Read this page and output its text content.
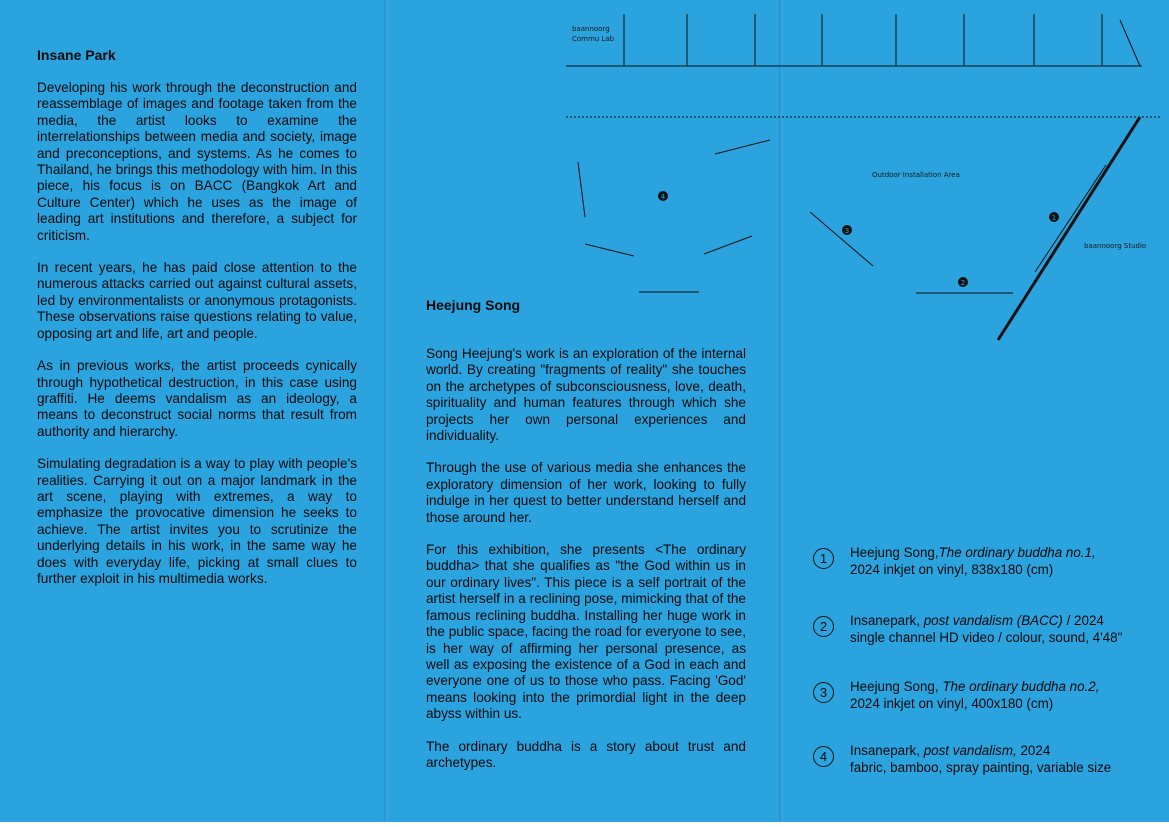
Insane Park

Developing his work through the deconstruction and reassemblage of images and footage taken from the media, the artist looks to examine the interrelationships between media and society, image and preconceptions, and systems. As he comes to Thailand, he brings this methodology with him. In this piece, his focus is on BACC (Bangkok Art and Culture Center) which he uses as the image of leading art institutions and therefore, a subject for criticism.

In recent years, he has paid close attention to the numerous attacks carried out against cultural assets, led by environmentalists or anonymous protagonists. These observations raise questions relating to value, opposing art and life, art and people.

As in previous works, the artist proceeds cynically through hypothetical destruction, in this case using graffiti. He deems vandalism as an ideology, a means to deconstruct social norms that result from authority and hierarchy.

Simulating degradation is a way to play with people's realities. Carrying it out on a major landmark in the art scene, playing with extremes, a way to emphasize the provocative dimension he seeks to achieve. The artist invites you to scrutinize the underlying details in his work, in the same way he does with everyday life, picking at small clues to further exploit in his multimedia works.

Heejung Song

Song Heejung's work is an exploration of the internal world. By creating "fragments of reality" she touches on the archetypes of subconsciousness, love, death, spirituality and human features through which she projects her own personal experiences and individuality.

Through the use of various media she enhances the exploratory dimension of her work, looking to fully indulge in her quest to better understand herself and those around her.

For this exhibition, she presents <The ordinary buddha> that she qualifies as "the God within us in our ordinary lives". This piece is a self portrait of the artist herself in a reclining pose, mimicking that of the famous reclining buddha. Installing her huge work in the public space, facing the road for everyone to see, is her way of affirming her personal presence, as well as exposing the existence of a God in each and everyone one of us to those who pass. Facing 'God' means looking into the primordial light in the deep abyss within us.

The ordinary buddha is a story about trust and archetypes.

4
3
2
1
baannoorg
Commu Lab
Outdoor Installation Area
baannoorg Studio
1	Heejung Song,The ordinary buddha no.1,
2024 inkjet on vinyl, 838x180 (cm)
2	Insanepark, post vandalism (BACC) / 2024
single channel HD video / colour, sound, 4'48"
3	Heejung Song, The ordinary buddha no.2,
2024 inkjet on vinyl, 400x180 (cm)
4	Insanepark, post vandalism, 2024
fabric, bamboo, spray painting, variable size
